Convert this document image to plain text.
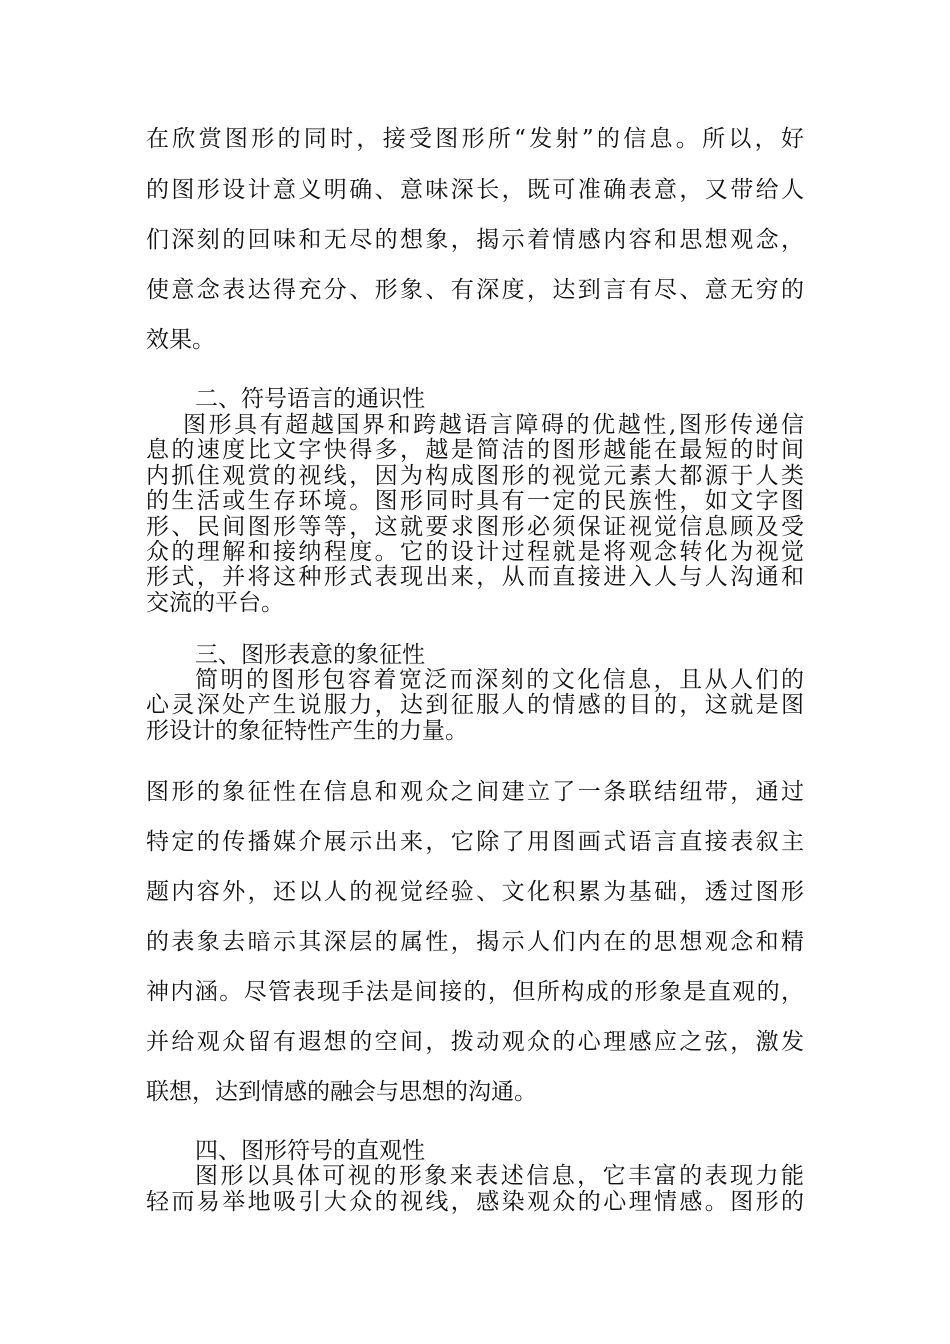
在欣赏图形的同时，接受图形所“发射”的信息。所以，好
的图形设计意义明确、意味深长，既可准确表意，又带给人
们深刻的回味和无尽的想象，揭示着情感内容和思想观念，
使意念表达得充分、形象、有深度，达到言有尽、意无穷的
效果。
二、符号语言的通识性
图形具有超越国界和跨越语言障碍的优越性,图形传递信
息的速度比文字快得多，越是简洁的图形越能在最短的时间
内抓住观赏的视线，因为构成图形的视觉元素大都源于人类
的生活或生存环境。图形同时具有一定的民族性，如文字图
形、民间图形等等，这就要求图形必须保证视觉信息顾及受
众的理解和接纳程度。它的设计过程就是将观念转化为视觉
形式，并将这种形式表现出来，从而直接进入人与人沟通和
交流的平台。
三、图形表意的象征性
简明的图形包容着宽泛而深刻的文化信息，且从人们的
心灵深处产生说服力，达到征服人的情感的目的，这就是图
形设计的象征特性产生的力量。
图形的象征性在信息和观众之间建立了一条联结纽带，通过
特定的传播媒介展示出来，它除了用图画式语言直接表叙主
题内容外，还以人的视觉经验、文化积累为基础，透过图形
的表象去暗示其深层的属性，揭示人们内在的思想观念和精
神内涵。尽管表现手法是间接的，但所构成的形象是直观的，
并给观众留有遐想的空间，拨动观众的心理感应之弦，激发
联想，达到情感的融会与思想的沟通。
四、图形符号的直观性
图形以具体可视的形象来表述信息，它丰富的表现力能
轻而易举地吸引大众的视线，感染观众的心理情感。图形的
